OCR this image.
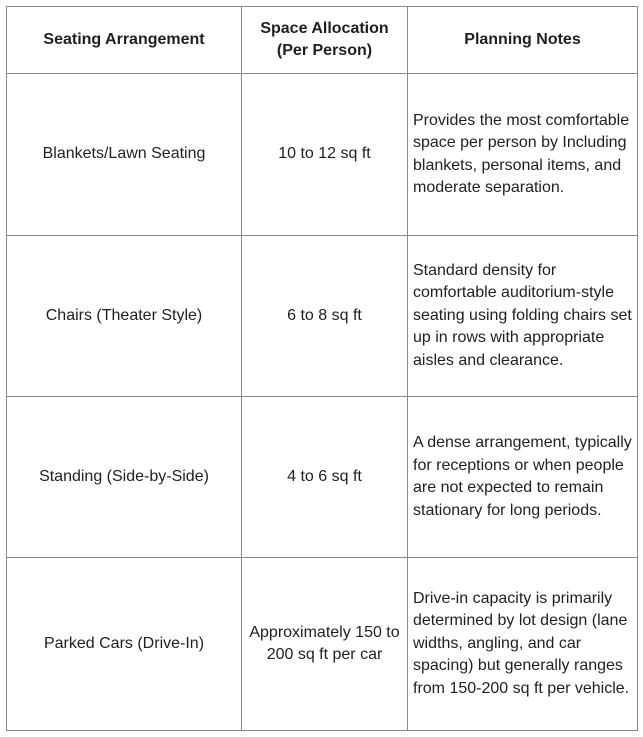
Seating Arrangement	Space Allocation (Per Person)	Planning Notes
Blankets/Lawn Seating	10 to 12 sq ft	Provides the most comfortable space per person by Including blankets, personal items, and moderate separation.
Chairs (Theater Style)	6 to 8 sq ft	Standard density for comfortable auditorium-style seating using folding chairs set up in rows with appropriate aisles and clearance.
Standing (Side-by-Side)	4 to 6 sq ft	A dense arrangement, typically for receptions or when people are not expected to remain stationary for long periods.
Parked Cars (Drive-In)	Approximately 150 to 200 sq ft per car	Drive-in capacity is primarily determined by lot design (lane widths, angling, and car spacing) but generally ranges from 150-200 sq ft per vehicle.
